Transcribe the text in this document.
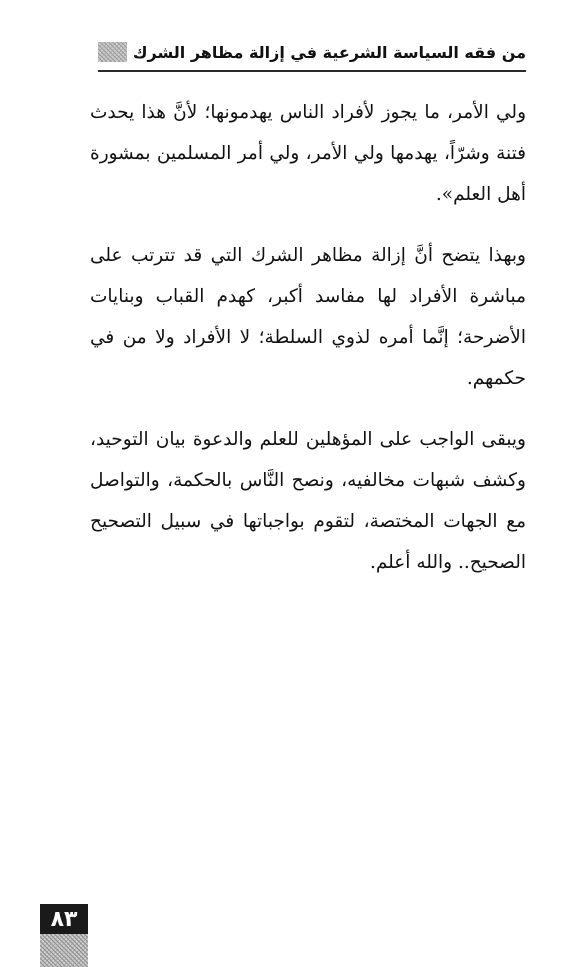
من فقه السياسة الشرعية في إزالة مظاهر الشرك

ولي الأمر، ما يجوز لأفراد الناس يهدمونها؛ لأنَّ هذا يحدث فتنة وشرّاً، يهدمها ولي الأمر، ولي أمر المسلمين بمشورة أهل العلم».

وبهذا يتضح أنَّ إزالة مظاهر الشرك التي قد تترتب على مباشرة الأفراد لها مفاسد أكبر، كهدم القباب وبنايات الأضرحة؛ إنَّما أمره لذوي السلطة؛ لا الأفراد ولا من في حكمهم.

ويبقى الواجب على المؤهلين للعلم والدعوة بيان التوحيد، وكشف شبهات مخالفيه، ونصح النَّاس بالحكمة، والتواصل مع الجهات المختصة، لتقوم بواجباتها في سبيل التصحيح الصحيح.. والله أعلم.

٨٣
